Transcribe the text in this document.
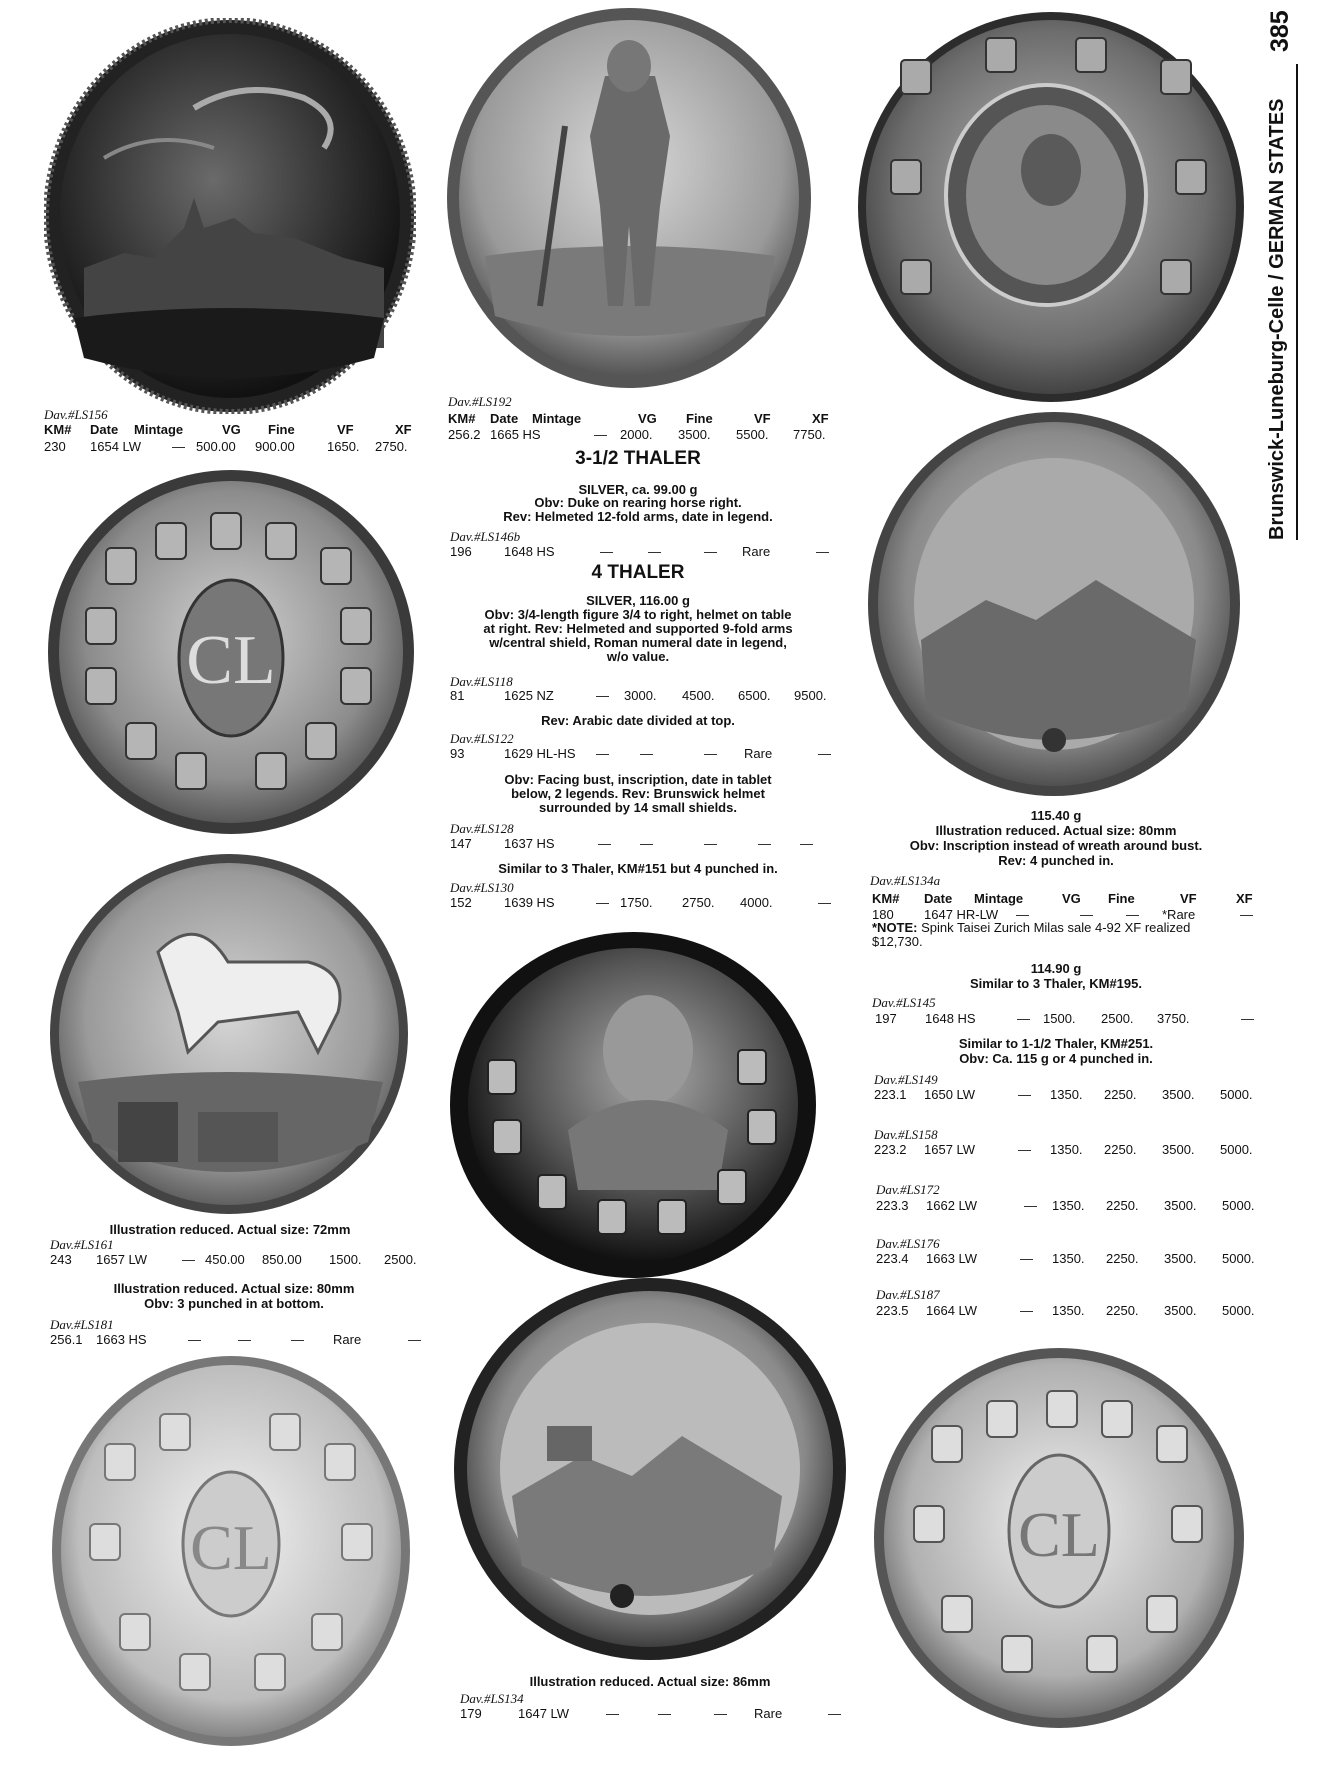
CL
CL	CL
385
Brunswick-Luneburg-Celle / GERMAN STATES
Dav.#LS156
KM# Date Mintage	VG Fine	VF	XF
230 1654 LW — 500.00 900.00 1650. 2750.
Illustration reduced. Actual size: 72mm
Dav.#LS161
243 1657 LW	— 450.00 850.00 1500. 2500.
Illustration reduced. Actual size: 80mm
Obv: 3 punched in at bottom.
Dav.#LS181
256.1 1663 HS	—	—	— Rare	—
Dav.#LS192
KM# Date Mintage	VG Fine	VF	XF
256.2 1665 HS	— 2000. 3500. 5500. 7750.
3-1/2 THALER
SILVER, ca. 99.00 g
Obv: Duke on rearing horse right.
Rev: Helmeted 12-fold arms, date in legend.
Dav.#LS146b
196 1648 HS	—	—	— Rare	—
4 THALER
SILVER, 116.00 g
Obv: 3/4-length figure 3/4 to right, helmet on table
at right. Rev: Helmeted and supported 9-fold arms
w/central shield, Roman numeral date in legend,
w/o value.
Dav.#LS118
81	1625 NZ	— 3000. 4500. 6500. 9500.
Rev: Arabic date divided at top.
Dav.#LS122
93	1629 HL-HS — —	— Rare	—
Obv: Facing bust, inscription, date in tablet
below, 2 legends. Rev: Brunswick helmet
surrounded by 14 small shields.
Dav.#LS128
147 1637 HS	— —	—	— —
Similar to 3 Thaler, KM#151 but 4 punched in.
Dav.#LS130
152 1639 HS	— 1750. 2750. 4000.	—
Illustration reduced. Actual size: 86mm
Dav.#LS134
179	1647 LW	—	—	— Rare	—
115.40 g
Illustration reduced. Actual size: 80mm
Obv: Inscription instead of wreath around bust.
Rev: 4 punched in.
Dav.#LS134a
KM# Date Mintage	VG Fine	VF	XF
180 1647 HR-LW —	—	— *Rare	—
*NOTE: Spink Taisei Zurich Milas sale 4-92 XF realized
$12,730.
114.90 g
Similar to 3 Thaler, KM#195.
Dav.#LS145
197 1648 HS	— 1500. 2500. 3750.	—
Similar to 1-1/2 Thaler, KM#251.
Obv: Ca. 115 g or 4 punched in.
Dav.#LS149
223.1 1650 LW	— 1350. 2250. 3500. 5000.
Dav.#LS158
223.2 1657 LW	— 1350. 2250. 3500. 5000.
Dav.#LS172
223.3 1662 LW	— 1350. 2250. 3500. 5000.
Dav.#LS176
223.4 1663 LW	— 1350. 2250. 3500. 5000.
Dav.#LS187
223.5 1664 LW	— 1350. 2250. 3500. 5000.
